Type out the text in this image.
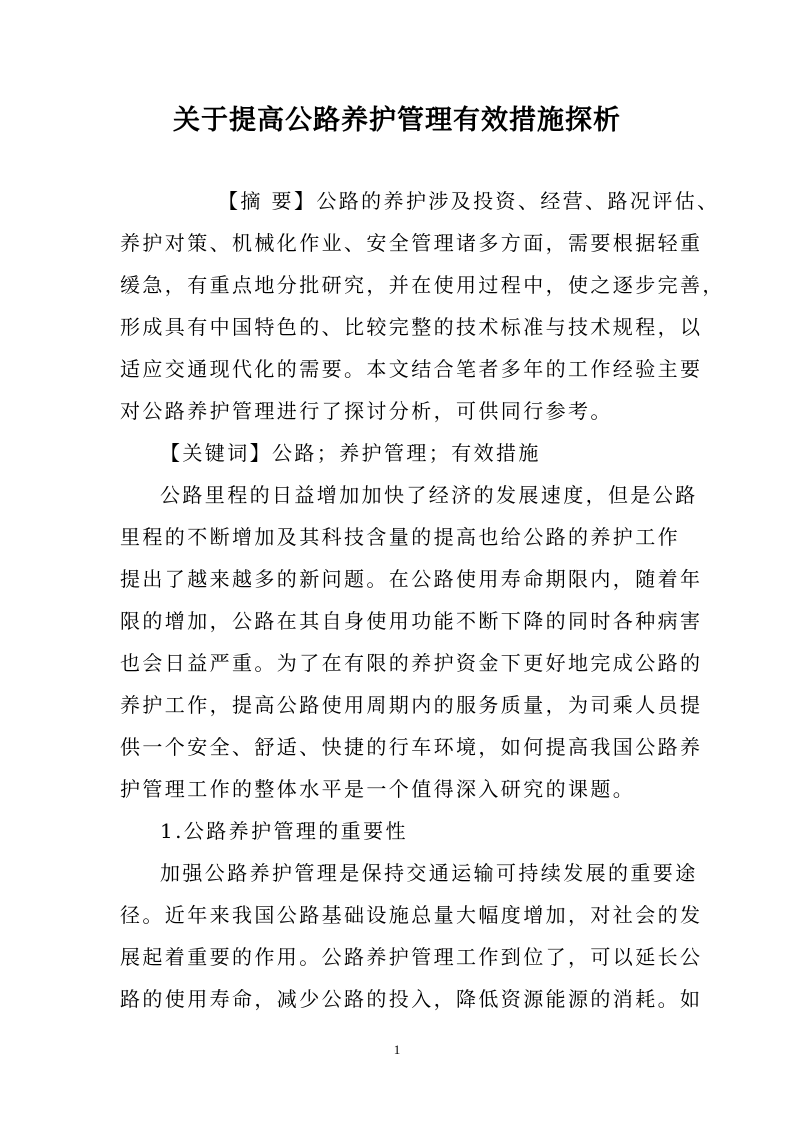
关于提高公路养护管理有效措施探析
【摘 要】公路的养护涉及投资、经营、路况评估、
养护对策、机械化作业、安全管理诸多方面，需要根据轻重
缓急，有重点地分批研究，并在使用过程中，使之逐步完善，
形成具有中国特色的、比较完整的技术标准与技术规程，以
适应交通现代化的需要。本文结合笔者多年的工作经验主要
对公路养护管理进行了探讨分析，可供同行参考。
【关键词】公路；养护管理；有效措施
公路里程的日益增加加快了经济的发展速度，但是公路
里程的不断增加及其科技含量的提高也给公路的养护工作
提出了越来越多的新问题。在公路使用寿命期限内，随着年
限的增加，公路在其自身使用功能不断下降的同时各种病害
也会日益严重。为了在有限的养护资金下更好地完成公路的
养护工作，提高公路使用周期内的服务质量，为司乘人员提
供一个安全、舒适、快捷的行车环境，如何提高我国公路养
护管理工作的整体水平是一个值得深入研究的课题。
1.公路养护管理的重要性
加强公路养护管理是保持交通运输可持续发展的重要途
径。近年来我国公路基础设施总量大幅度增加，对社会的发
展起着重要的作用。公路养护管理工作到位了，可以延长公
路的使用寿命，减少公路的投入，降低资源能源的消耗。如
1
